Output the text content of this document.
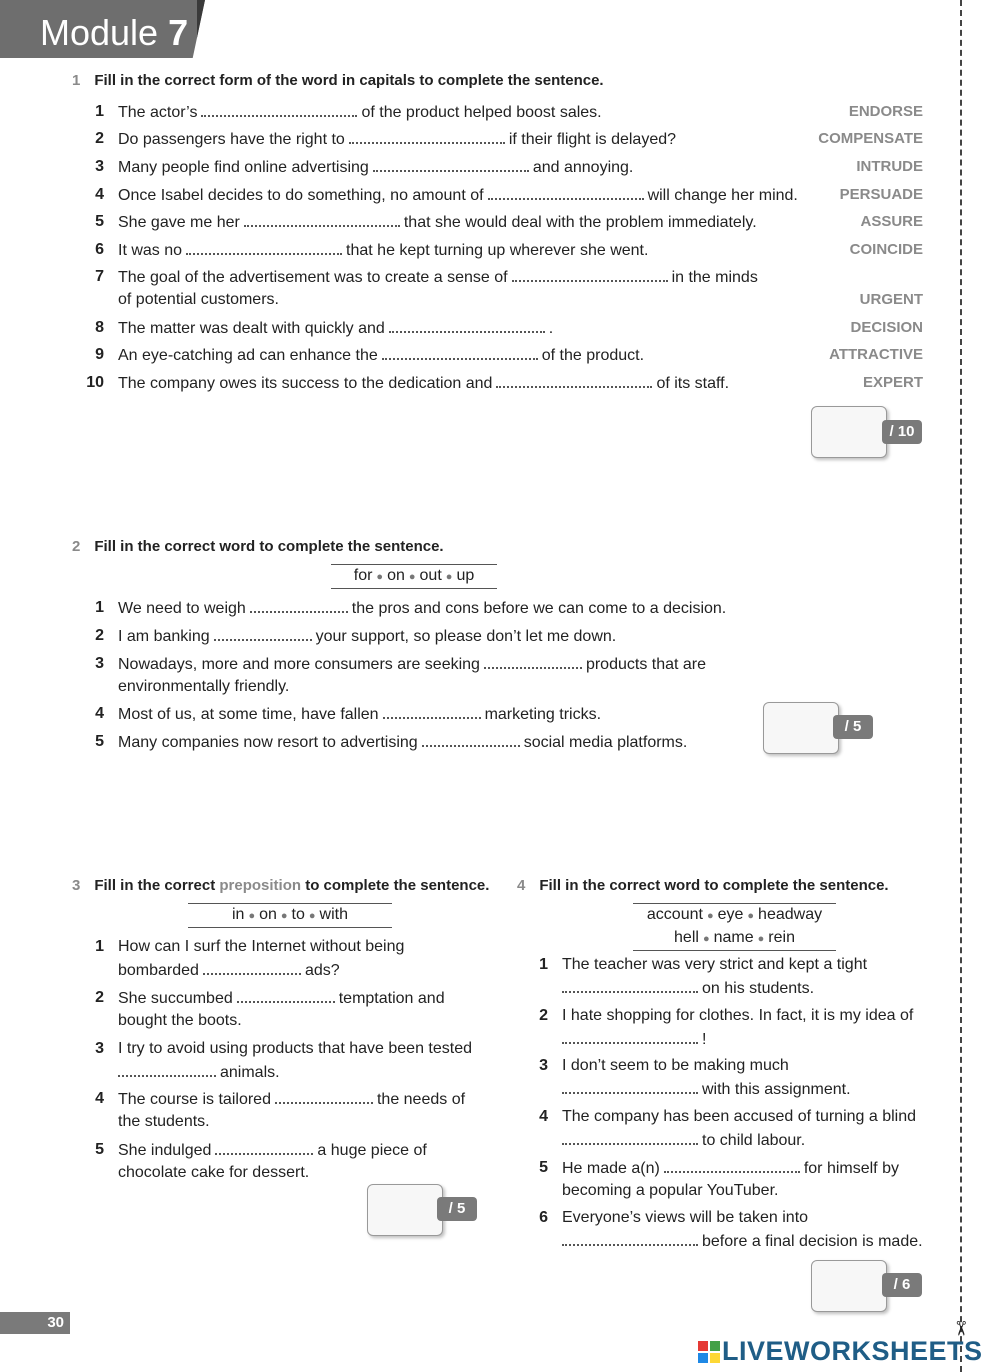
Module 7
✂
1 Fill in the correct form of the word in capitals to complete the sentence.
1 The actor’s	of the product helped boost sales.	ENDORSE
2 Do passengers have the right to	if their flight is delayed?	COMPENSATE
3 Many people find online advertising	and annoying.	INTRUDE
4 Once Isabel decides to do something, no amount of	will change her mind.	PERSUADE
5 She gave me her	that she would deal with the problem immediately.	ASSURE
6 It was no	that he kept turning up wherever she went.	COINCIDE
7 The goal of the advertisement was to create a sense of	in the minds
of potential customers.	URGENT
8 The matter was dealt with quickly and	.	DECISION
9 An eye-catching ad can enhance the	of the product.	ATTRACTIVE
10 The company owes its success to the dedication and	of its staff.	EXPERT
/ 10
2 Fill in the correct word to complete the sentence.
for ● on ● out ● up
1 We need to weigh	the pros and cons before we can come to a decision.
2 I am banking	your support, so please don’t let me down.
3 Nowadays, more and more consumers are seeking	products that are
environmentally friendly.
4 Most of us, at some time, have fallen	marketing tricks.
5 Many companies now resort to advertising	social media platforms.
/ 5
3 Fill in the correct preposition to complete the sentence.
in ● on ● to ● with
1 How can I surf the Internet without being
bombarded	ads?
2 She succumbed	temptation and
bought the boots.
3 I try to avoid using products that have been tested
animals.
4 The course is tailored	the needs of
the students.
5 She indulged	a huge piece of
chocolate cake for dessert.
/ 5
4 Fill in the correct word to complete the sentence.
account ● eye ● headway
hell ● name ● rein
1 The teacher was very strict and kept a tight
on his students.
2 I hate shopping for clothes. In fact, it is my idea of
!
3 I don’t seem to be making much
with this assignment.
4 The company has been accused of turning a blind
to child labour.
5 He made a(n)	for himself by
becoming a popular YouTuber.
6 Everyone’s views will be taken into
before a final decision is made.
/ 6
30
LIVEWORKSHEETS
